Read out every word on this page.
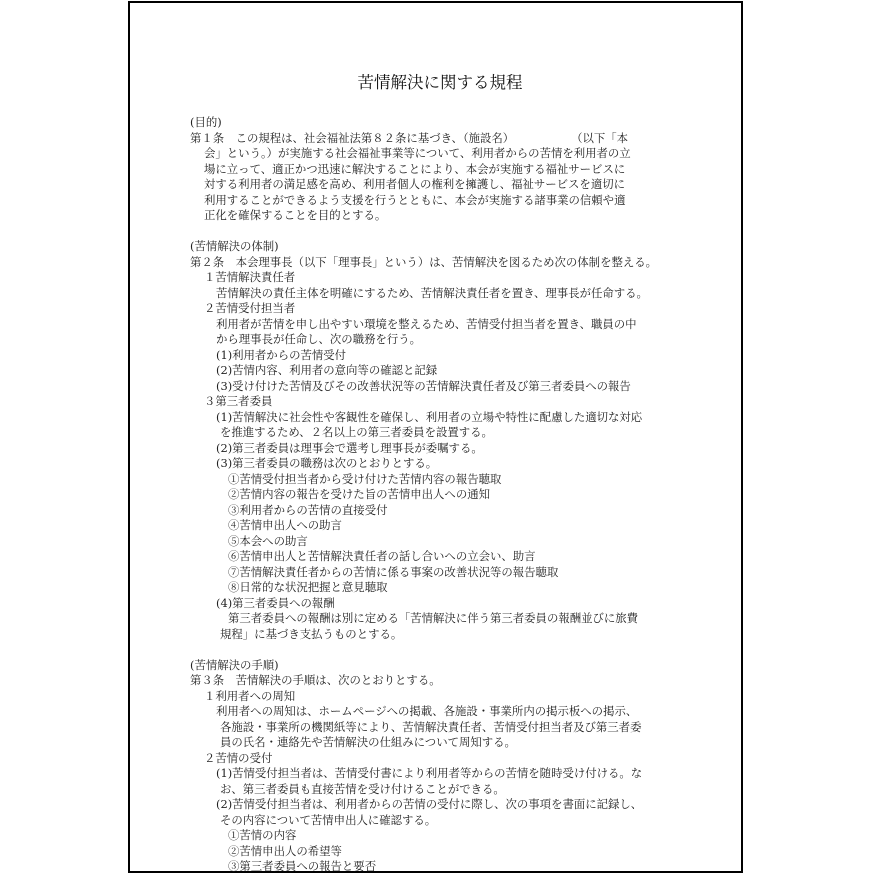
苦情解決に関する規程
(目的)
第１条　この規程は、社会福祉法第８２条に基づき、（施設名）　　　　　　（以下「本
会」という。）が実施する社会福祉事業等について、利用者からの苦情を利用者の立
場に立って、適正かつ迅速に解決することにより、本会が実施する福祉サービスに
対する利用者の満足感を高め、利用者個人の権利を擁護し、福祉サービスを適切に
利用することができるよう支援を行うとともに、本会が実施する諸事業の信頼や適
正化を確保することを目的とする。
(苦情解決の体制)
第２条　本会理事長（以下「理事長」という）は、苦情解決を図るため次の体制を整える。
１苦情解決責任者
苦情解決の責任主体を明確にするため、苦情解決責任者を置き、理事長が任命する。
２苦情受付担当者
利用者が苦情を申し出やすい環境を整えるため、苦情受付担当者を置き、職員の中
から理事長が任命し、次の職務を行う。
(1)利用者からの苦情受付
(2)苦情内容、利用者の意向等の確認と記録
(3)受け付けた苦情及びその改善状況等の苦情解決責任者及び第三者委員への報告
３第三者委員
(1)苦情解決に社会性や客観性を確保し、利用者の立場や特性に配慮した適切な対応
を推進するため、２名以上の第三者委員を設置する。
(2)第三者委員は理事会で選考し理事長が委嘱する。
(3)第三者委員の職務は次のとおりとする。
①苦情受付担当者から受け付けた苦情内容の報告聴取
②苦情内容の報告を受けた旨の苦情申出人への通知
③利用者からの苦情の直接受付
④苦情申出人への助言
⑤本会への助言
⑥苦情申出人と苦情解決責任者の話し合いへの立会い、助言
⑦苦情解決責任者からの苦情に係る事案の改善状況等の報告聴取
⑧日常的な状況把握と意見聴取
(4)第三者委員への報酬
第三者委員への報酬は別に定める「苦情解決に伴う第三者委員の報酬並びに旅費
規程」に基づき支払うものとする。
(苦情解決の手順)
第３条　苦情解決の手順は、次のとおりとする。
１利用者への周知
利用者への周知は、ホームページへの掲載、各施設・事業所内の掲示板への掲示、
各施設・事業所の機関紙等により、苦情解決責任者、苦情受付担当者及び第三者委
員の氏名・連絡先や苦情解決の仕組みについて周知する。
２苦情の受付
(1)苦情受付担当者は、苦情受付書により利用者等からの苦情を随時受け付ける。な
お、第三者委員も直接苦情を受け付けることができる。
(2)苦情受付担当者は、利用者からの苦情の受付に際し、次の事項を書面に記録し、
その内容について苦情申出人に確認する。
①苦情の内容
②苦情申出人の希望等
③第三者委員への報告と要否
